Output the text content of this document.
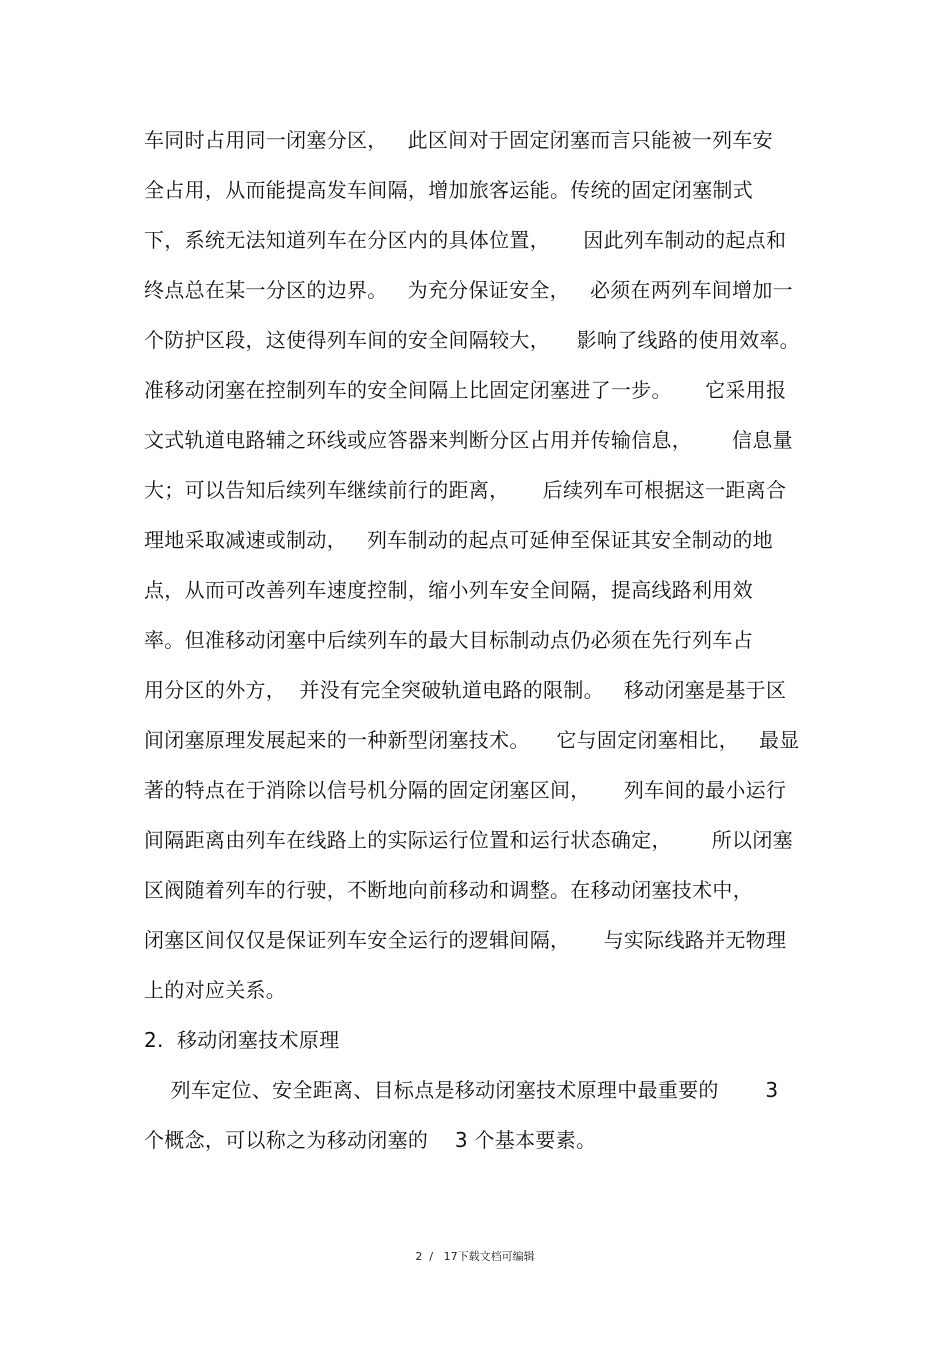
车同时占用同一闭塞分区，   此区间对于固定闭塞而言只能被一列车安
全占用，从而能提高发车间隔，增加旅客运能。传统的固定闭塞制式
下，系统无法知道列车在分区内的具体位置，     因此列车制动的起点和
终点总在某一分区的边界。   为充分保证安全，   必须在两列车间增加一
个防护区段，这使得列车间的安全间隔较大，    影响了线路的使用效率。
准移动闭塞在控制列车的安全间隔上比固定闭塞进了一步。     它采用报
文式轨道电路辅之环线或应答器来判断分区占用并传输信息，      信息量
大；可以告知后续列车继续前行的距离，     后续列车可根据这一距离合
理地采取减速或制动，   列车制动的起点可延伸至保证其安全制动的地
点，从而可改善列车速度控制，缩小列车安全间隔，提高线路利用效
率。但准移动闭塞中后续列车的最大目标制动点仍必须在先行列车占
用分区的外方，  并没有完全突破轨道电路的限制。   移动闭塞是基于区
间闭塞原理发展起来的一种新型闭塞技术。    它与固定闭塞相比，   最显
著的特点在于消除以信号机分隔的固定闭塞区间，     列车间的最小运行
间隔距离由列车在线路上的实际运行位置和运行状态确定，      所以闭塞
区阀随着列车的行驶，不断地向前移动和调整。在移动闭塞技术中，
闭塞区间仅仅是保证列车安全运行的逻辑间隔，     与实际线路并无物理
上的对应关系。
2.  移动闭塞技术原理
列车定位、安全距离、目标点是移动闭塞技术原理中最重要的       3
个概念，可以称之为移动闭塞的    3 个基本要素。
2  /   17下载文档可编辑
